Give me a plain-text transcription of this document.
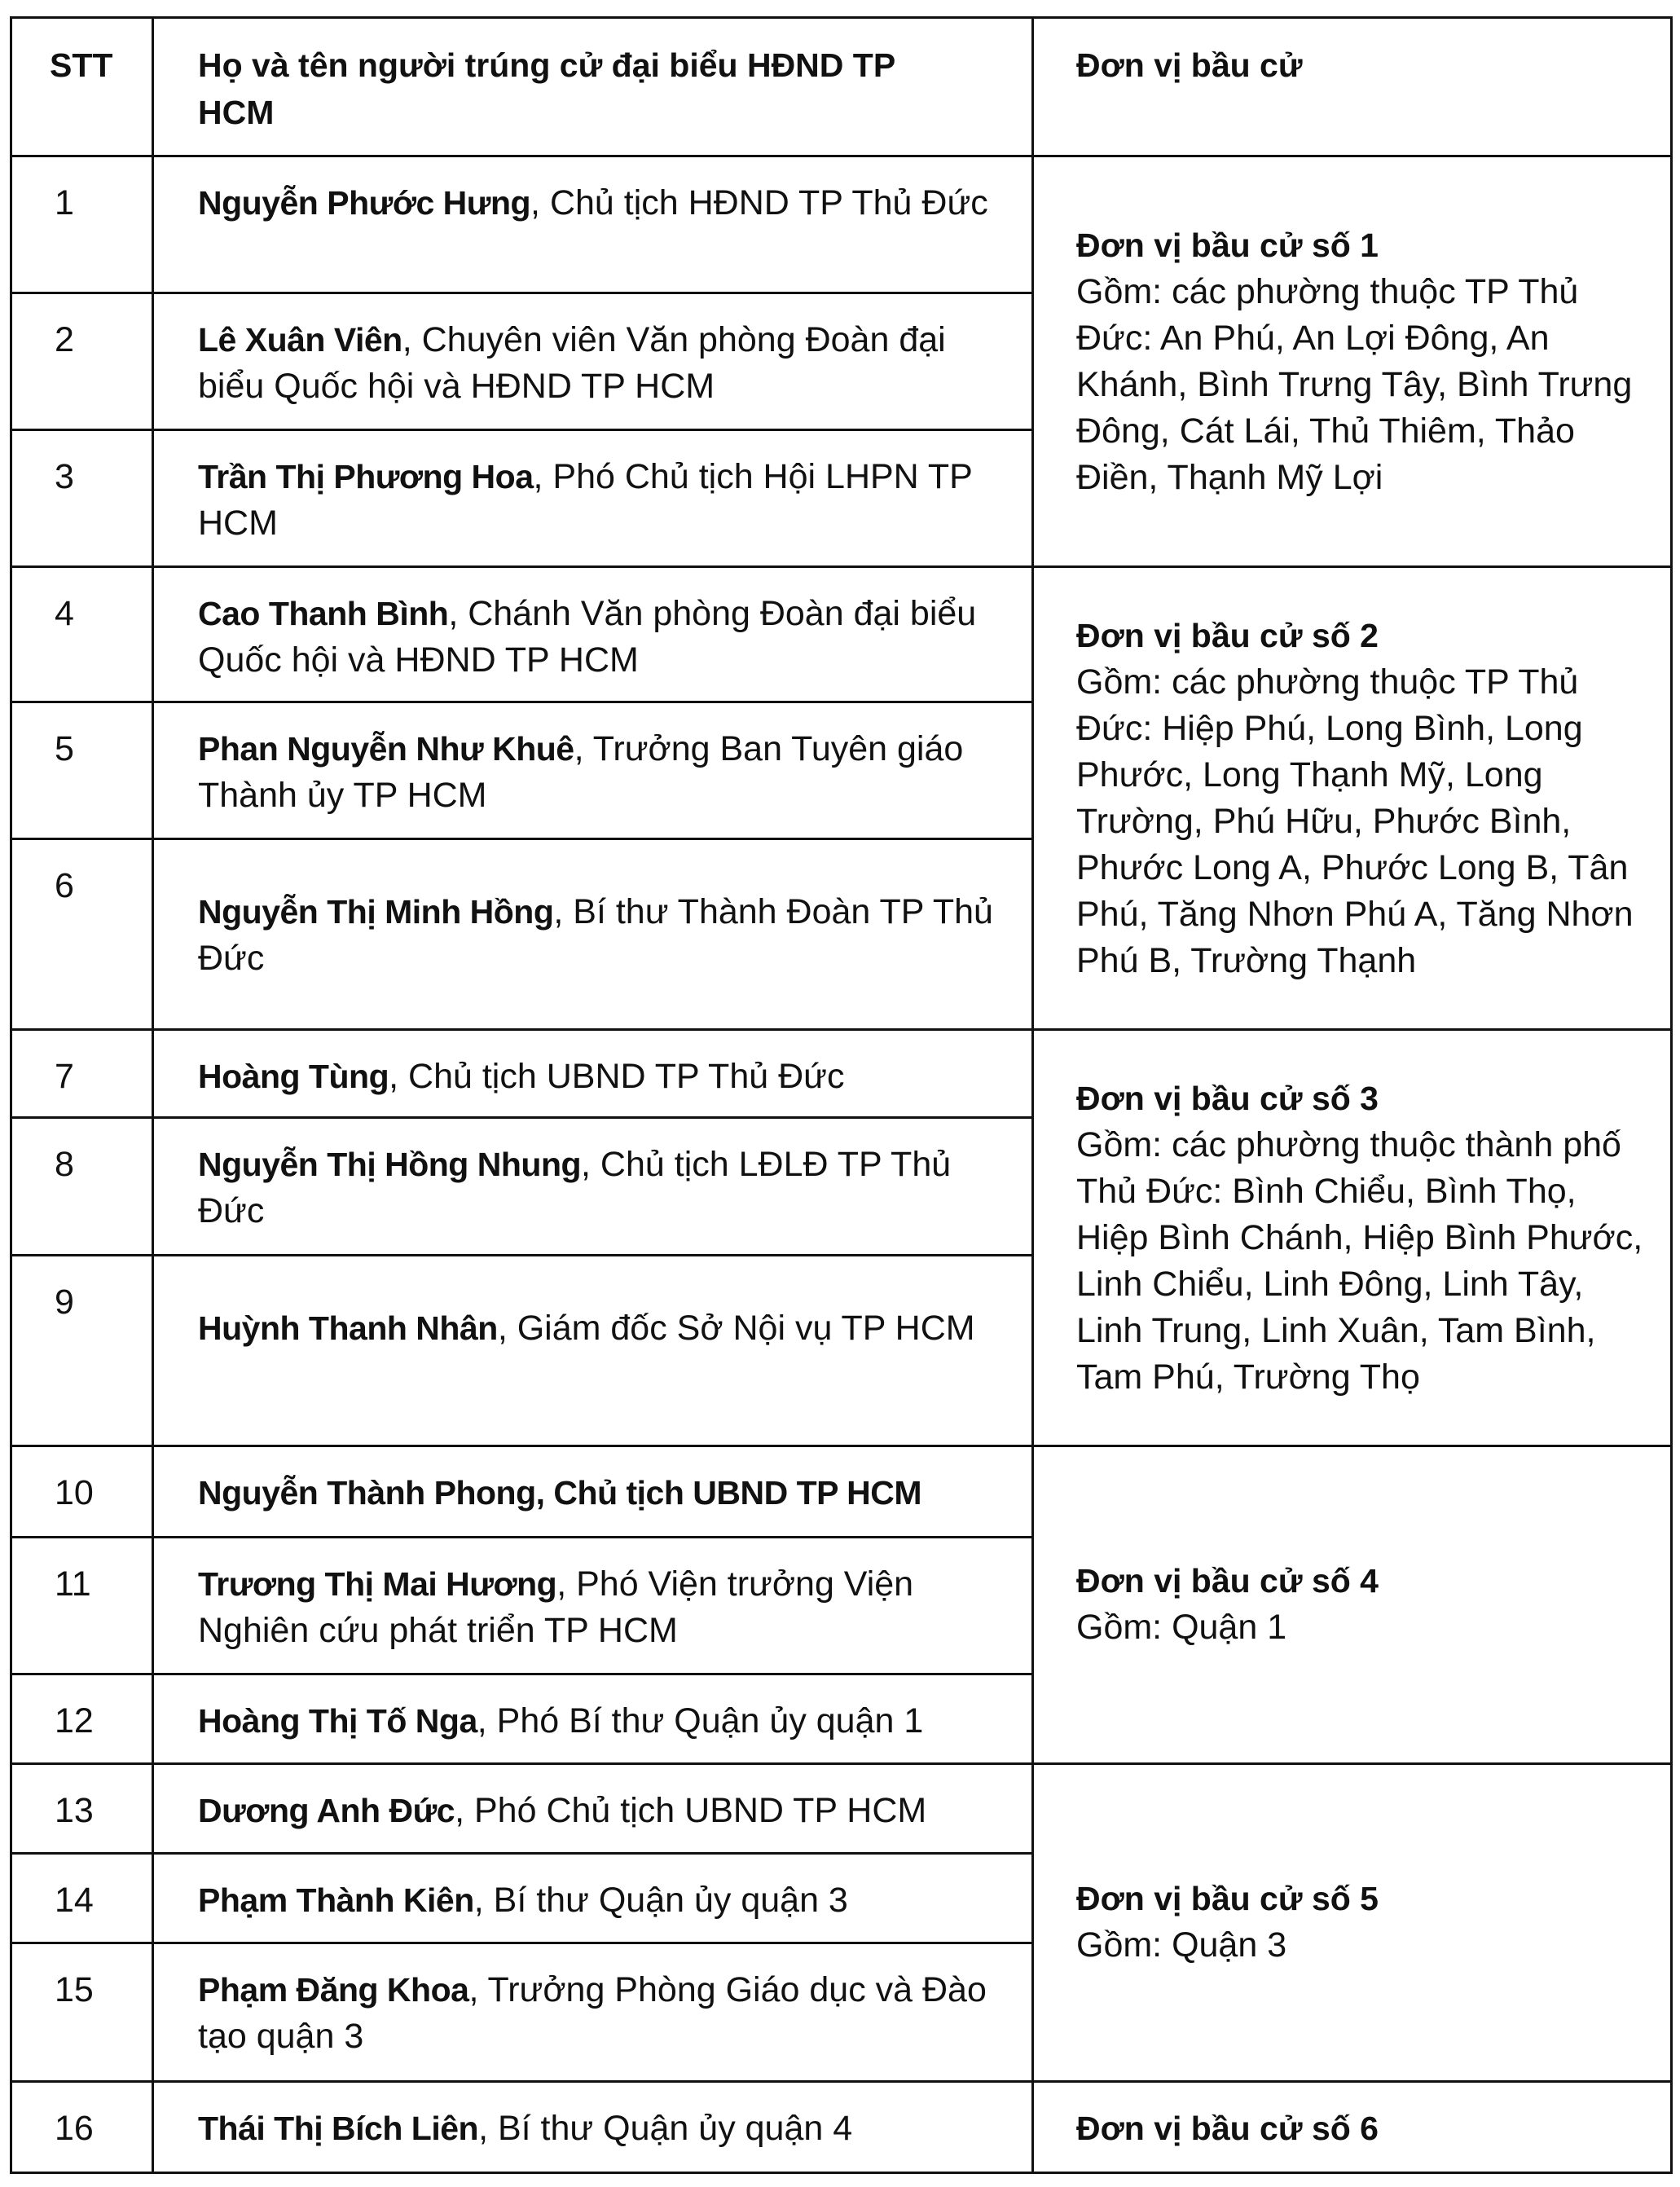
STT	Họ và tên người trúng cử đại biểu HĐND TP HCM	Đơn vị bầu cử

1	Nguyễn Phước Hưng, Chủ tịch HĐND TP Thủ Đức	Đơn vị bầu cử số 1
Gồm: các phường thuộc TP Thủ Đức: An Phú, An Lợi Đông, An Khánh, Bình Trưng Tây, Bình Trưng Đông, Cát Lái, Thủ Thiêm, Thảo Điền, Thạnh Mỹ Lợi

2	Lê Xuân Viên, Chuyên viên Văn phòng Đoàn đại biểu Quốc hội và HĐND TP HCM	

3	Trần Thị Phương Hoa, Phó Chủ tịch Hội LHPN TP HCM	

4	Cao Thanh Bình, Chánh Văn phòng Đoàn đại biểu Quốc hội và HĐND TP HCM	Đơn vị bầu cử số 2
Gồm: các phường thuộc TP Thủ Đức: Hiệp Phú, Long Bình, Long Phước, Long Thạnh Mỹ, Long Trường, Phú Hữu, Phước Bình, Phước Long A, Phước Long B, Tân Phú, Tăng Nhơn Phú A, Tăng Nhơn Phú B, Trường Thạnh

5	Phan Nguyễn Như Khuê, Trưởng Ban Tuyên giáo Thành ủy TP HCM	

6	Nguyễn Thị Minh Hồng, Bí thư Thành Đoàn TP Thủ Đức	

7	Hoàng Tùng, Chủ tịch UBND TP Thủ Đức	Đơn vị bầu cử số 3
Gồm: các phường thuộc thành phố Thủ Đức: Bình Chiểu, Bình Thọ, Hiệp Bình Chánh, Hiệp Bình Phước, Linh Chiểu, Linh Đông, Linh Tây, Linh Trung, Linh Xuân, Tam Bình, Tam Phú, Trường Thọ

8	Nguyễn Thị Hồng Nhung, Chủ tịch LĐLĐ TP Thủ Đức	

9	Huỳnh Thanh Nhân, Giám đốc Sở Nội vụ TP HCM	

10	Nguyễn Thành Phong, Chủ tịch UBND TP HCM	Đơn vị bầu cử số 4
Gồm: Quận 1

11	Trương Thị Mai Hương, Phó Viện trưởng Viện Nghiên cứu phát triển TP HCM	

12	Hoàng Thị Tố Nga, Phó Bí thư Quận ủy quận 1	

13	Dương Anh Đức, Phó Chủ tịch UBND TP HCM	Đơn vị bầu cử số 5
Gồm: Quận 3

14	Phạm Thành Kiên, Bí thư Quận ủy quận 3	

15	Phạm Đăng Khoa, Trưởng Phòng Giáo dục và Đào tạo quận 3	

16	Thái Thị Bích Liên, Bí thư Quận ủy quận 4	Đơn vị bầu cử số 6
